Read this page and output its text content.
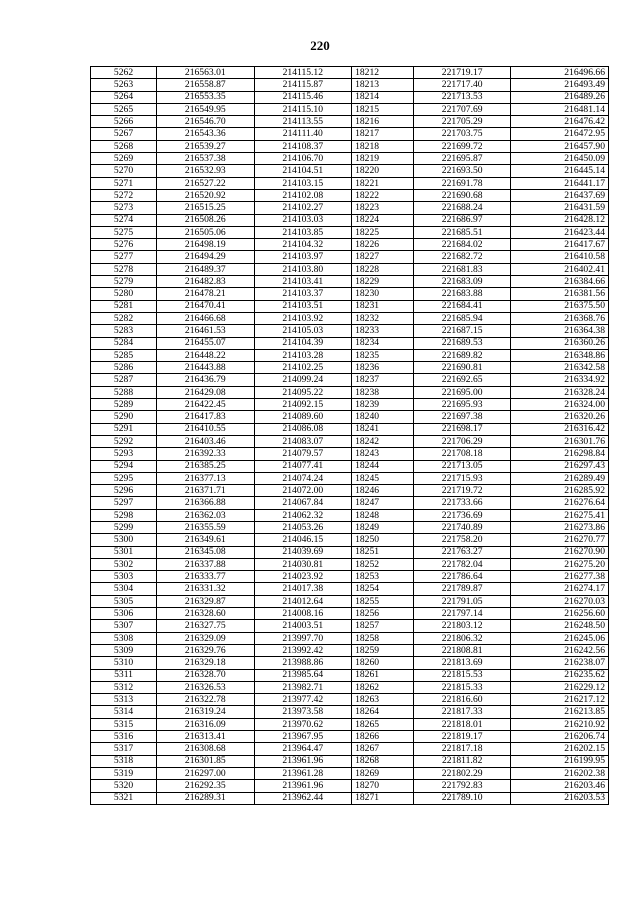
220
5262	216563.01	214115.12	18212	221719.17	216496.66
5263	216558.87	214115.87	18213	221717.40	216493.49
5264	216553.35	214115.46	18214	221713.53	216489.26
5265	216549.95	214115.10	18215	221707.69	216481.14
5266	216546.70	214113.55	18216	221705.29	216476.42
5267	216543.36	214111.40	18217	221703.75	216472.95
5268	216539.27	214108.37	18218	221699.72	216457.90
5269	216537.38	214106.70	18219	221695.87	216450.09
5270	216532.93	214104.51	18220	221693.50	216445.14
5271	216527.22	214103.15	18221	221691.78	216441.17
5272	216520.92	214102.08	18222	221690.68	216437.69
5273	216515.25	214102.27	18223	221688.24	216431.59
5274	216508.26	214103.03	18224	221686.97	216428.12
5275	216505.06	214103.85	18225	221685.51	216423.44
5276	216498.19	214104.32	18226	221684.02	216417.67
5277	216494.29	214103.97	18227	221682.72	216410.58
5278	216489.37	214103.80	18228	221681.83	216402.41
5279	216482.83	214103.41	18229	221683.09	216384.66
5280	216478.21	214103.37	18230	221683.88	216381.56
5281	216470.41	214103.51	18231	221684.41	216375.50
5282	216466.68	214103.92	18232	221685.94	216368.76
5283	216461.53	214105.03	18233	221687.15	216364.38
5284	216455.07	214104.39	18234	221689.53	216360.26
5285	216448.22	214103.28	18235	221689.82	216348.86
5286	216443.88	214102.25	18236	221690.81	216342.58
5287	216436.79	214099.24	18237	221692.65	216334.92
5288	216429.08	214095.22	18238	221695.00	216328.24
5289	216422.45	214092.15	18239	221695.93	216324.00
5290	216417.83	214089.60	18240	221697.38	216320.26
5291	216410.55	214086.08	18241	221698.17	216316.42
5292	216403.46	214083.07	18242	221706.29	216301.76
5293	216392.33	214079.57	18243	221708.18	216298.84
5294	216385.25	214077.41	18244	221713.05	216297.43
5295	216377.13	214074.24	18245	221715.93	216289.49
5296	216371.71	214072.00	18246	221719.72	216285.92
5297	216366.88	214067.84	18247	221733.66	216276.64
5298	216362.03	214062.32	18248	221736.69	216275.41
5299	216355.59	214053.26	18249	221740.89	216273.86
5300	216349.61	214046.15	18250	221758.20	216270.77
5301	216345.08	214039.69	18251	221763.27	216270.90
5302	216337.88	214030.81	18252	221782.04	216275.20
5303	216333.77	214023.92	18253	221786.64	216277.38
5304	216331.32	214017.38	18254	221789.87	216274.17
5305	216329.87	214012.64	18255	221791.05	216270.03
5306	216328.60	214008.16	18256	221797.14	216256.60
5307	216327.75	214003.51	18257	221803.12	216248.50
5308	216329.09	213997.70	18258	221806.32	216245.06
5309	216329.76	213992.42	18259	221808.81	216242.56
5310	216329.18	213988.86	18260	221813.69	216238.07
5311	216328.70	213985.64	18261	221815.53	216235.62
5312	216326.53	213982.71	18262	221815.33	216229.12
5313	216322.78	213977.42	18263	221816.60	216217.12
5314	216319.24	213973.58	18264	221817.33	216213.85
5315	216316.09	213970.62	18265	221818.01	216210.92
5316	216313.41	213967.95	18266	221819.17	216206.74
5317	216308.68	213964.47	18267	221817.18	216202.15
5318	216301.85	213961.96	18268	221811.82	216199.95
5319	216297.00	213961.28	18269	221802.29	216202.38
5320	216292.35	213961.96	18270	221792.83	216203.46
5321	216289.31	213962.44	18271	221789.10	216203.53
